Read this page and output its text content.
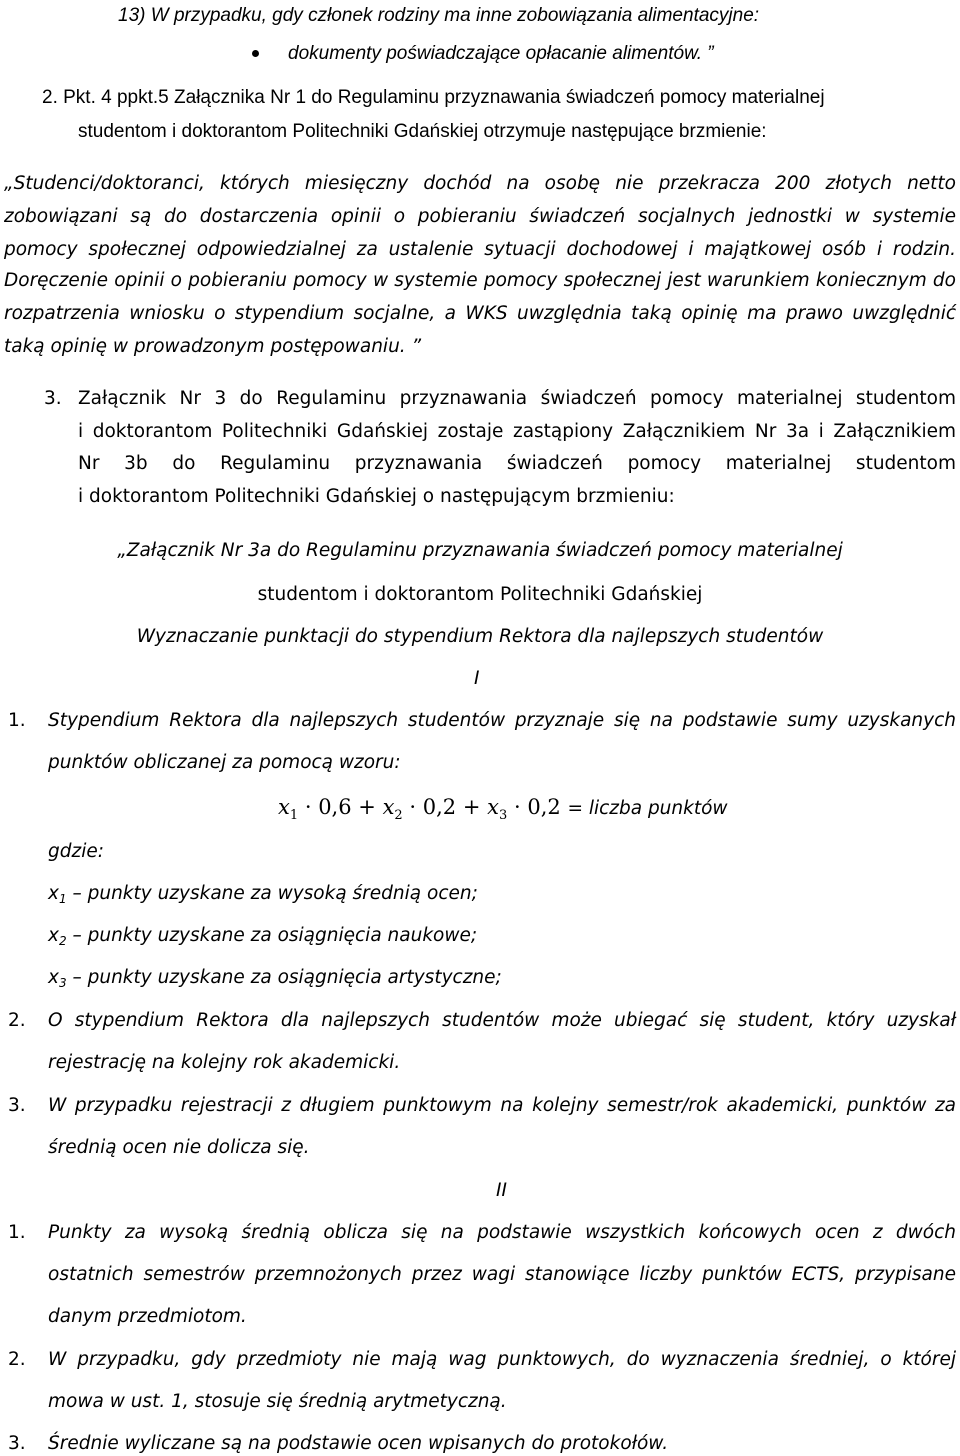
13) W przypadku, gdy członek rodziny ma inne zobowiązania alimentacyjne:
dokumenty poświadczające opłacanie alimentów. ”
2. Pkt. 4 ppkt.5 Załącznika Nr 1 do Regulaminu przyznawania świadczeń pomocy materialnej
studentom i doktorantom Politechniki Gdańskiej otrzymuje następujące brzmienie:
„Studenci/doktoranci, których miesięczny dochód na osobę nie przekracza 200 złotych netto
zobowiązani są do dostarczenia opinii o pobieraniu świadczeń socjalnych jednostki w systemie
pomocy społecznej odpowiedzialnej za ustalenie sytuacji dochodowej i majątkowej osób i rodzin.
Doręczenie opinii o pobieraniu pomocy w systemie pomocy społecznej jest warunkiem koniecznym do
rozpatrzenia wniosku o stypendium socjalne, a WKS uwzględnia taką opinię ma prawo uwzględnić
taką opinię w prowadzonym postępowaniu. ”
3. Załącznik Nr 3 do Regulaminu przyznawania świadczeń pomocy materialnej studentom
i doktorantom Politechniki Gdańskiej zostaje zastąpiony Załącznikiem Nr 3a i Załącznikiem
Nr 3b do Regulaminu przyznawania świadczeń pomocy materialnej studentom
i doktorantom Politechniki Gdańskiej o następującym brzmieniu:
„Załącznik Nr 3a do Regulaminu przyznawania świadczeń pomocy materialnej
studentom i doktorantom Politechniki Gdańskiej
Wyznaczanie punktacji do stypendium Rektora dla najlepszych studentów
I
1. Stypendium Rektora dla najlepszych studentów przyznaje się na podstawie sumy uzyskanych
punktów obliczanej za pomocą wzoru:
$x_1 \cdot 0,6 + x_2 \cdot 0,2 + x_3 \cdot 0,2$ = liczba punktów
gdzie:
$x_1$ – punkty uzyskane za wysoką średnią ocen;
$x_2$ – punkty uzyskane za osiągnięcia naukowe;
$x_3$ – punkty uzyskane za osiągnięcia artystyczne;
2. O stypendium Rektora dla najlepszych studentów może ubiegać się student, który uzyskał
rejestrację na kolejny rok akademicki.
3. W przypadku rejestracji z długiem punktowym na kolejny semestr/rok akademicki, punktów za
średnią ocen nie dolicza się.
II
1. Punkty za wysoką średnią oblicza się na podstawie wszystkich końcowych ocen z dwóch
ostatnich semestrów przemnożonych przez wagi stanowiące liczby punktów ECTS, przypisane
danym przedmiotom.
2. W przypadku, gdy przedmioty nie mają wag punktowych, do wyznaczenia średniej, o której
mowa w ust. 1, stosuje się średnią arytmetyczną.
3. Średnie wyliczane są na podstawie ocen wpisanych do protokołów.
